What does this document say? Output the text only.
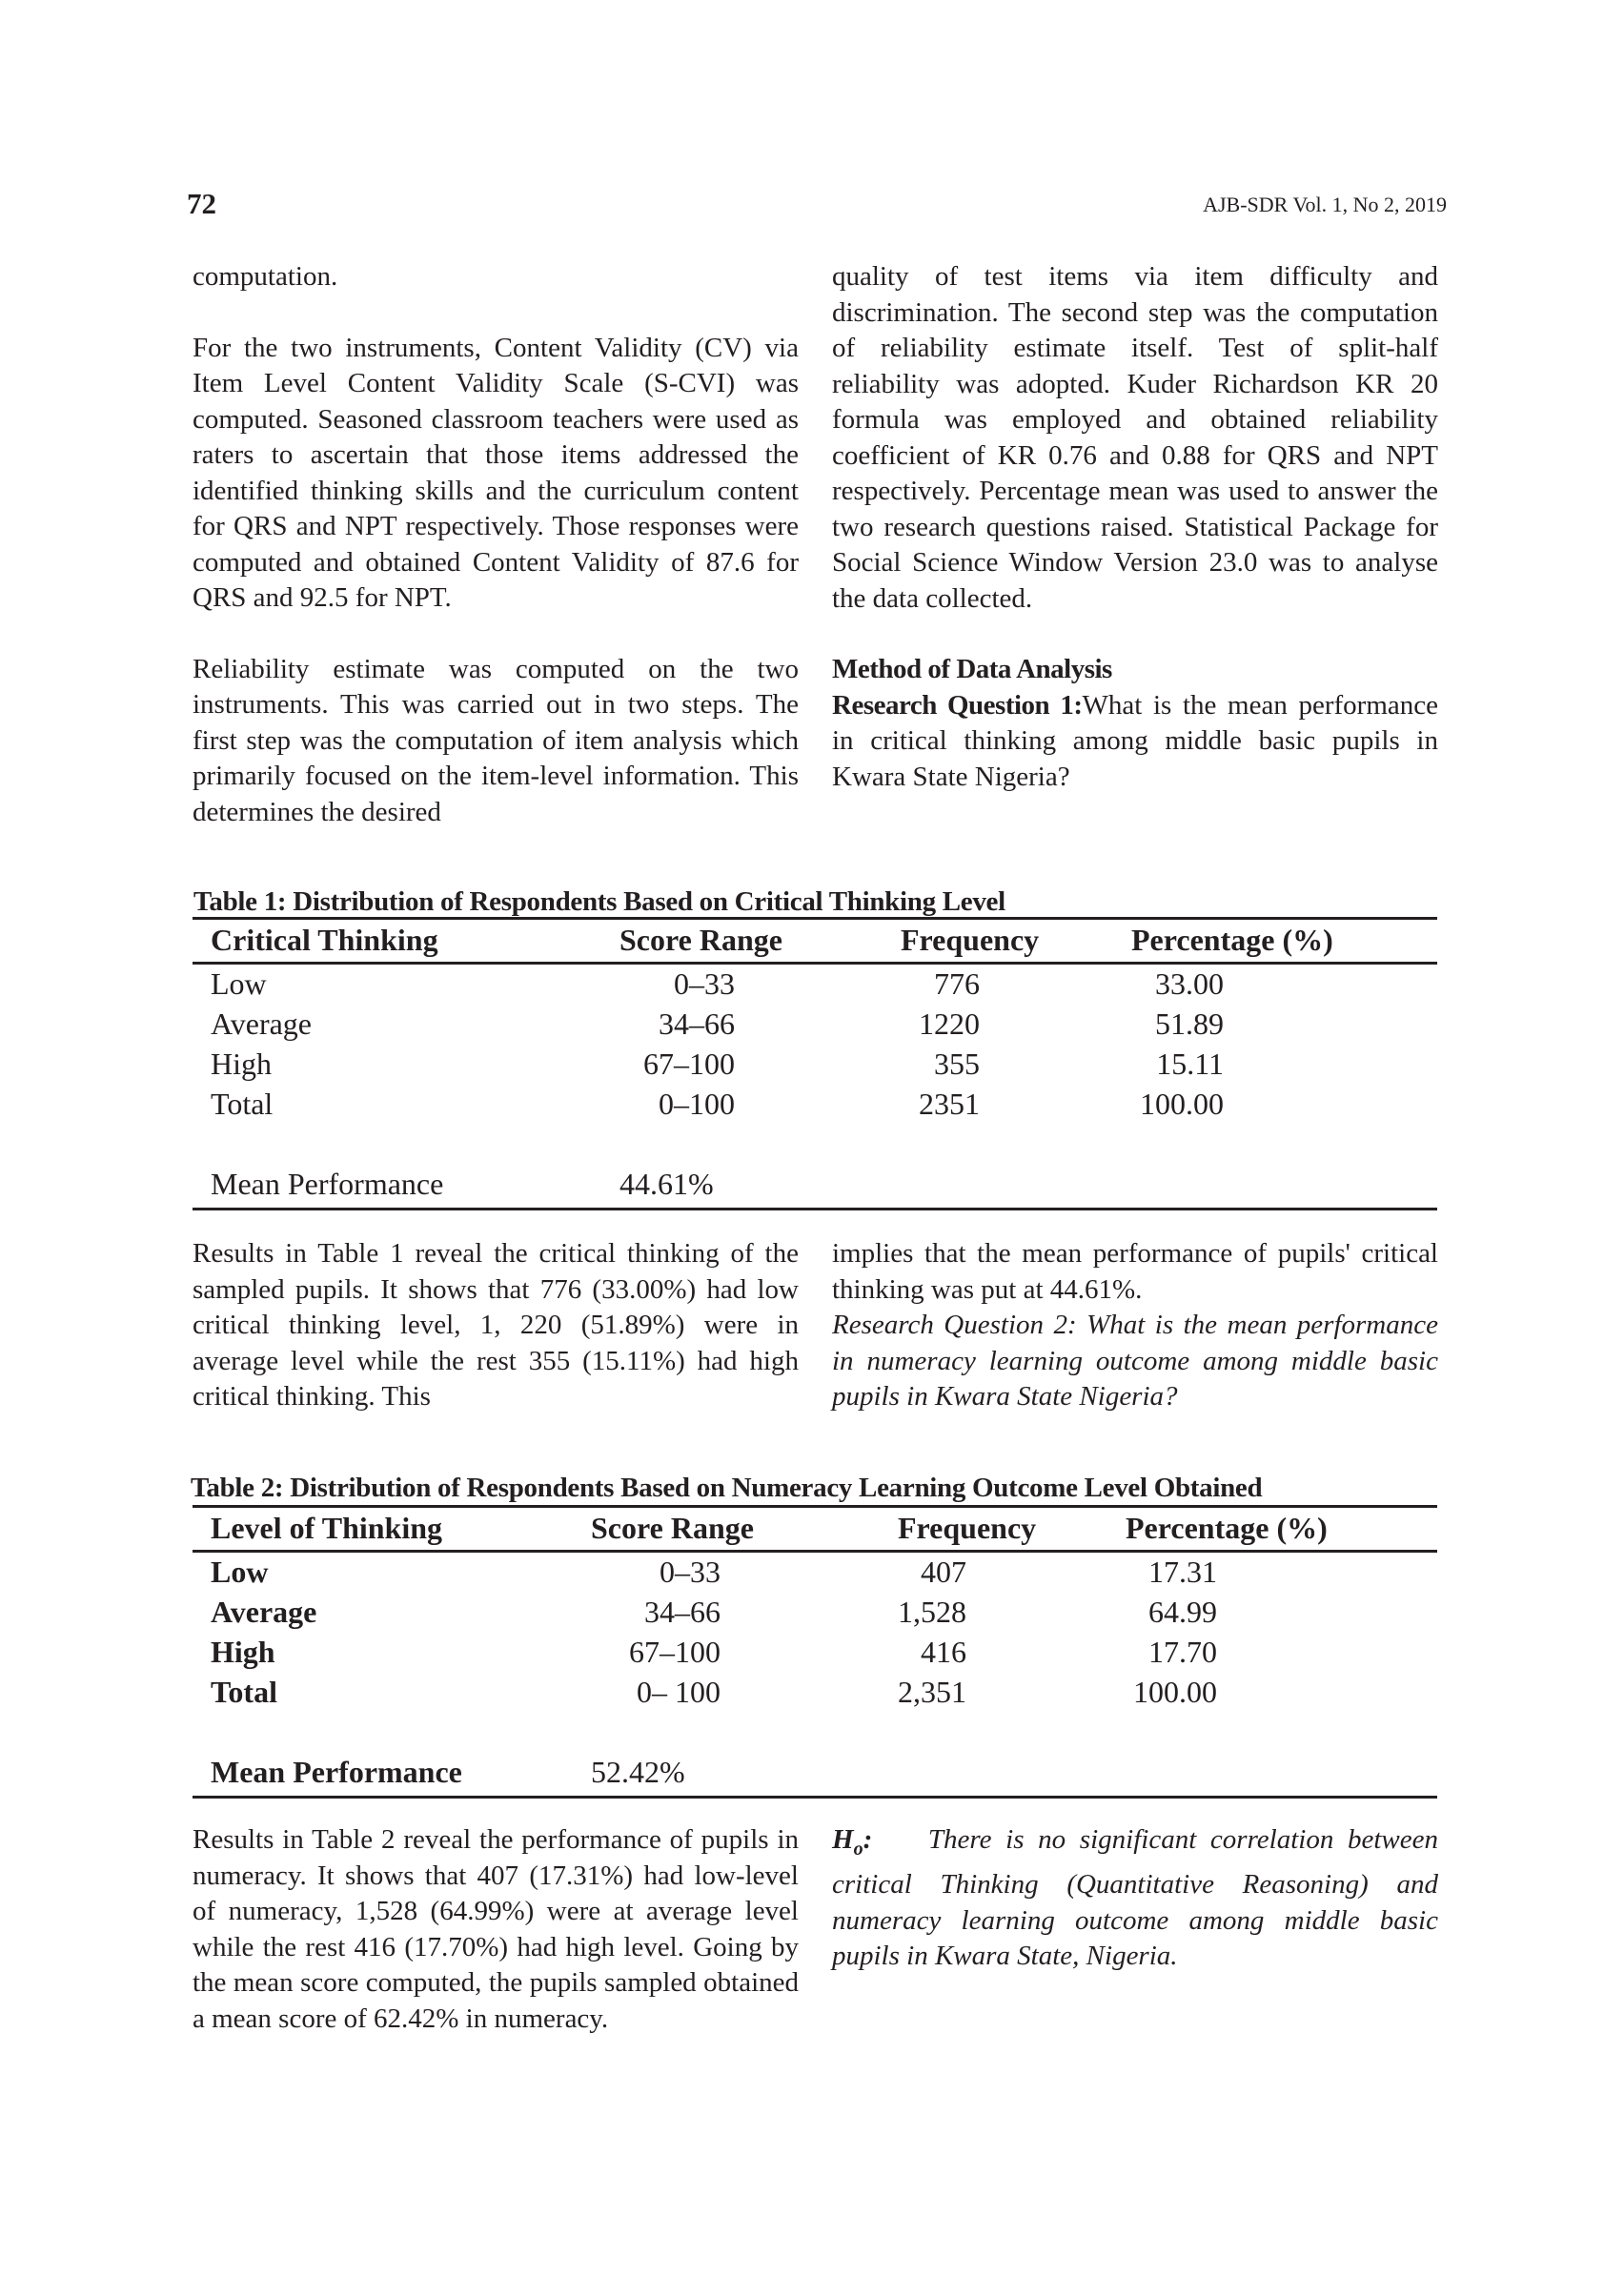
72	AJB-SDR Vol. 1, No 2, 2019

computation.

For the two instruments, Content Validity (CV) via Item Level Content Validity Scale (S-CVI) was computed. Seasoned classroom teachers were used as raters to ascertain that those items addressed the identified thinking skills and the curriculum content for QRS and NPT respectively. Those responses were computed and obtained Content Validity of 87.6 for QRS and 92.5 for NPT.

Reliability estimate was computed on the two instruments. This was carried out in two steps. The first step was the computation of item analysis which primarily focused on the item-level information. This determines the desired

quality of test items via item difficulty and discrimination. The second step was the computation of reliability estimate itself. Test of split-half reliability was adopted. Kuder Richardson KR 20 formula was employed and obtained reliability coefficient of KR 0.76 and 0.88 for QRS and NPT respectively. Percentage mean was used to answer the two research questions raised. Statistical Package for Social Science Window Version 23.0 was to analyse the data collected.

Method of Data Analysis

Research Question 1:What is the mean performance in critical thinking among middle basic pupils in Kwara State Nigeria?

Table 1: Distribution of Respondents Based on Critical Thinking Level
Critical Thinking	Score Range	Frequency	Percentage (%)
Low	0–33	776	33.00
Average	34–66	1220	51.89
High	67–100	355	15.11
Total	0–100	2351	100.00
Mean Performance	44.61%

Results in Table 1 reveal the critical thinking of the sampled pupils. It shows that 776 (33.00%) had low critical thinking level, 1, 220 (51.89%) were in average level while the rest 355 (15.11%) had high critical thinking. This

implies that the mean performance of pupils' critical thinking was put at 44.61%.

Research Question 2: What is the mean performance in numeracy learning outcome among middle basic pupils in Kwara State Nigeria?

Table 2: Distribution of Respondents Based on Numeracy Learning Outcome Level Obtained
Level of Thinking	Score Range	Frequency	Percentage (%)
Low	0–33	407	17.31
Average	34–66	1,528	64.99
High	67–100	416	17.70
Total	0– 100	2,351	100.00
Mean Performance	52.42%

Results in Table 2 reveal the performance of pupils in numeracy. It shows that 407 (17.31%) had low-level of numeracy, 1,528 (64.99%) were at average level while the rest 416 (17.70%) had high level. Going by the mean score computed, the pupils sampled obtained a mean score of 62.42% in numeracy.

$H_o$: There is no significant correlation between critical Thinking (Quantitative Reasoning) and numeracy learning outcome among middle basic pupils in Kwara State, Nigeria.
